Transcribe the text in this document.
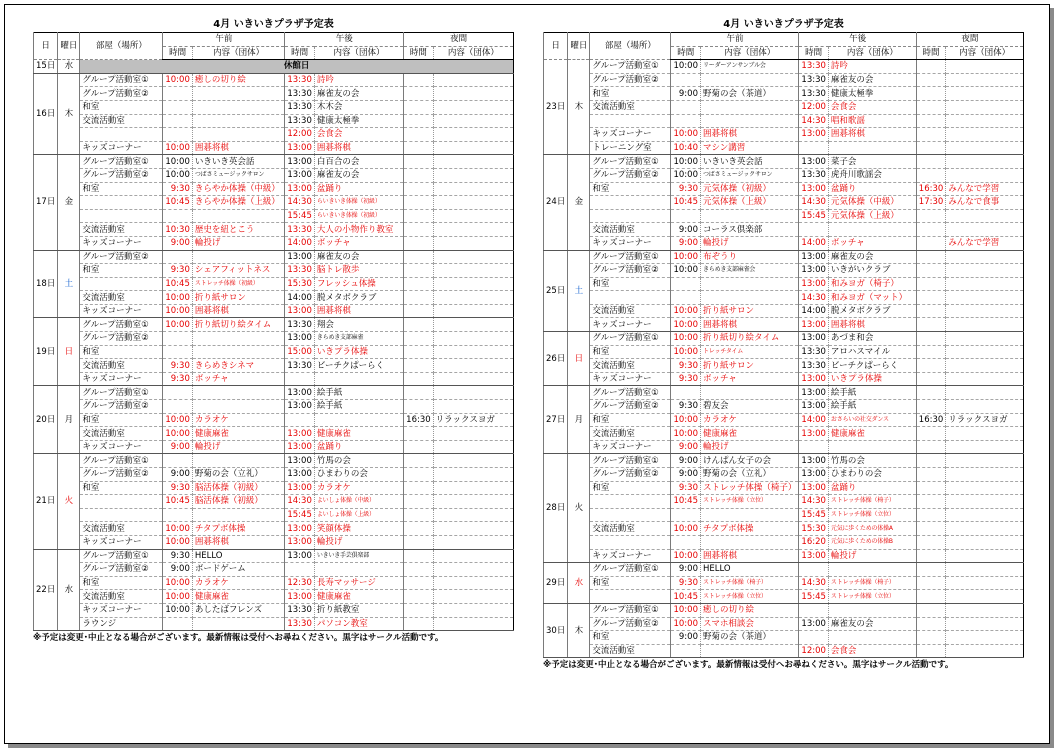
4月 いきいきプラザ予定表
日	曜日	部屋（場所）	午前		午後		夜間	
			時間	内容（団体）	時間	内容（団体）	時間	内容（団体）
15日	水	休館日						
16日	木	グループ活動室①	10:00	癒しの切り絵	13:30	詩吟		
		グループ活動室②			13:30	麻雀友の会		
		和室			13:30	木木会		
		交流活動室			13:30	健康太極拳		
					12:00	会食会		
		キッズコーナー	10:00	囲碁将棋	13:00	囲碁将棋		
17日	金	グループ活動室①	10:00	いきいき英会話	13:00	白百合の会		
		グループ活動室②	10:00	つばさミュージックサロン	13:00	麻雀友の会		
		和室	9:30	きらやか体操（中級）	13:00	盆踊り		
			10:45	きらやか体操（上級）	14:30	らいきいき体操（初級）		
					15:45	らいきいき体操（初級）		
		交流活動室	10:30	歴史を紐とこう	13:30	大人の小物作り教室		
		キッズコーナー	9:00	輪投げ	14:00	ボッチャ		
18日	土	グループ活動室②			13:00	麻雀友の会		
		和室	9:30	シェアフィットネス	13:30	脳トレ散歩		
			10:45	ストレッチ体操（初級）	15:30	フレッシュ体操		
		交流活動室	10:00	折り紙サロン	14:00	脱メタボクラブ		
		キッズコーナー	10:00	囲碁将棋	13:00	囲碁将棋		
19日	日	グループ活動室①	10:00	折り紙切り絵タイム	13:30	翔会		
		グループ活動室②			13:00	きらめき支部麻雀		
		和室			15:00	いきプラ体操		
		交流活動室	9:30	きらめきシネマ	13:30	ビーチクぱーらく		
		キッズコーナー	9:30	ボッチャ				
20日	月	グループ活動室①			13:00	絵手紙		
		グループ活動室②			13:00	絵手紙		
		和室	10:00	カラオケ			16:30	リラックスヨガ
		交流活動室	10:00	健康麻雀	13:00	健康麻雀		
		キッズコーナー	9:00	輪投げ	13:00	盆踊り		
21日	火	グループ活動室①			13:00	竹馬の会		
		グループ活動室②	9:00	野菊の会（立礼）	13:00	ひまわりの会		
		和室	9:30	脳活体操（初級）	13:00	カラオケ		
			10:45	脳活体操（初級）	14:30	よいしょ体操（中級）		
					15:45	よいしょ体操（上級）		
		交流活動室	10:00	チタプボ体操	13:00	笑顔体操		
		キッズコーナー	10:00	囲碁将棋	13:00	輪投げ		
22日	水	グループ活動室①	9:30	HELLO	13:00	いきいき手芸倶楽部		
		グループ活動室②	9:00	ボードゲーム				
		和室	10:00	カラオケ	12:30	長寿マッサージ		
		交流活動室	10:00	健康麻雀	13:00	健康麻雀		
		キッズコーナー	10:00	あしたばフレンズ	13:30	折り紙教室		
		ラウンジ			13:30	パソコン教室		
※予定は変更･中止となる場合がございます。最新情報は受付へお尋ねください。黒字はサークル活動です。
4月 いきいきプラザ予定表
日	曜日	部屋（場所）	午前		午後		夜間	
			時間	内容（団体）	時間	内容（団体）	時間	内容（団体）
23日	木	グループ活動室①	10:00	リーダーアンサンブル会	13:30	詩吟		
		グループ活動室②			13:30	麻雀友の会		
		和室	9:00	野菊の会（茶道）	13:30	健康太極拳		
		交流活動室			12:00	会食会		
					14:30	唱和歌謡		
		キッズコーナー	10:00	囲碁将棋	13:00	囲碁将棋		
		トレーニング室	10:40	マシン講習				
24日	金	グループ活動室①	10:00	いきいき英会話	13:00	菜子会		
		グループ活動室②	10:00	つばさミュージックサロン	13:30	虎舟川歌謡会		
		和室	9:30	元気体操（初級）	13:00	盆踊り	16:30	みんなで学習
			10:45	元気体操（上級）	14:30	元気体操（中級）	17:30	みんなで食事
					15:45	元気体操（上級）		
		交流活動室	9:00	コーラス倶楽部				
		キッズコーナー	9:00	輪投げ	14:00	ボッチャ		みんなで学習
25日	土	グループ活動室①	10:00	布ぞうり	13:00	麻雀友の会		
		グループ活動室②	10:00	きらめき支部麻雀会	13:00	いきがいクラブ		
		和室			13:00	和みヨガ（椅子）		
					14:30	和みヨガ（マット）		
		交流活動室	10:00	折り紙サロン	14:00	脱メタボクラブ		
		キッズコーナー	10:00	囲碁将棋	13:00	囲碁将棋		
26日	日	グループ活動室①	10:00	折り紙切り絵タイム	13:00	あづま和会		
		和室	10:00	トレッチタイム	13:30	アロハスマイル		
		交流活動室	9:30	折り紙サロン	13:30	ビーチクぱーらく		
		キッズコーナー	9:30	ボッチャ	13:00	いきプラ体操		
27日	月	グループ活動室①			13:00	絵手紙		
		グループ活動室②	9:30	碧友会	13:00	絵手紙		
		和室	10:00	カラオケ	14:00	おさらいの社交ダンス	16:30	リラックスヨガ
		交流活動室	10:00	健康麻雀	13:00	健康麻雀		
		キッズコーナー	9:00	輪投げ				
28日	火	グループ活動室①	9:00	けんぱん女子の会	13:00	竹馬の会		
		グループ活動室②	9:00	野菊の会（立礼）	13:00	ひまわりの会		
		和室	9:30	ストレッチ体操（椅子）	13:00	盆踊り		
			10:45	ストレッチ体操（立位）	14:30	ストレッチ体操（椅子）		
					15:45	ストレッチ体操（立位）		
		交流活動室	10:00	チタプボ体操	15:30	元気に歩くための体操A		
					16:20	元気に歩くための体操B		
		キッズコーナー	10:00	囲碁将棋	13:00	輪投げ		
29日	水	グループ活動室①	9:00	HELLO				
		和室	9:30	ストレッチ体操（椅子）	14:30	ストレッチ体操（椅子）		
			10:45	ストレッチ体操（立位）	15:45	ストレッチ体操（立位）		
30日	木	グループ活動室①	10:00	癒しの切り絵				
		グループ活動室②	10:00	スマホ相談会	13:00	麻雀友の会		
		和室	9:00	野菊の会（茶道）				
		交流活動室			12:00	会食会		
※予定は変更･中止となる場合がございます。最新情報は受付へお尋ねください。黒字はサークル活動です。
